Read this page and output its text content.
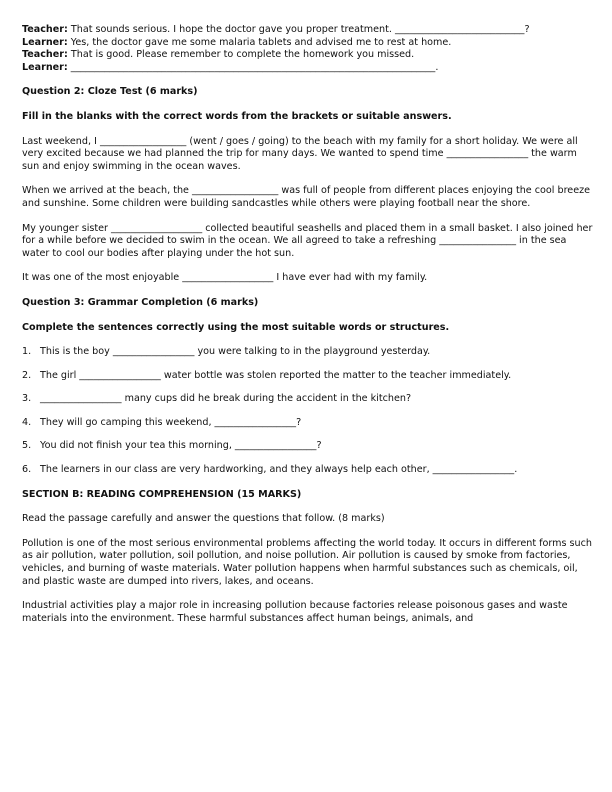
Teacher: That sounds serious. I hope the doctor gave you proper treatment. ___________________________?

Learner: Yes, the doctor gave me some malaria tablets and advised me to rest at home.

Teacher: That is good. Please remember to complete the homework you missed.

Learner: ____________________________________________________________________________.

Question 2: Cloze Test (6 marks)

Fill in the blanks with the correct words from the brackets or suitable answers.

Last weekend, I __________________ (went / goes / going) to the beach with my family for a short holiday. We were all very excited because we had planned the trip for many days. We wanted to spend time _________________ the warm sun and enjoy swimming in the ocean waves.

When we arrived at the beach, the __________________ was full of people from different places enjoying the cool breeze and sunshine. Some children were building sandcastles while others were playing football near the shore.

My younger sister ___________________ collected beautiful seashells and placed them in a small basket. I also joined her for a while before we decided to swim in the ocean. We all agreed to take a refreshing ________________ in the sea water to cool our bodies after playing under the hot sun.

It was one of the most enjoyable ___________________ I have ever had with my family.

Question 3: Grammar Completion (6 marks)

Complete the sentences correctly using the most suitable words or structures.

1. This is the boy _________________ you were talking to in the playground yesterday.
2. The girl _________________ water bottle was stolen reported the matter to the teacher immediately.
3. _________________ many cups did he break during the accident in the kitchen?
4. They will go camping this weekend, _________________?
5. You did not finish your tea this morning, _________________?
6. The learners in our class are very hardworking, and they always help each other, _________________.

SECTION B: READING COMPREHENSION (15 MARKS)

Read the passage carefully and answer the questions that follow. (8 marks)

Pollution is one of the most serious environmental problems affecting the world today. It occurs in different forms such as air pollution, water pollution, soil pollution, and noise pollution. Air pollution is caused by smoke from factories, vehicles, and burning of waste materials. Water pollution happens when harmful substances such as chemicals, oil, and plastic waste are dumped into rivers, lakes, and oceans.

Industrial activities play a major role in increasing pollution because factories release poisonous gases and waste materials into the environment. These harmful substances affect human beings, animals, and
